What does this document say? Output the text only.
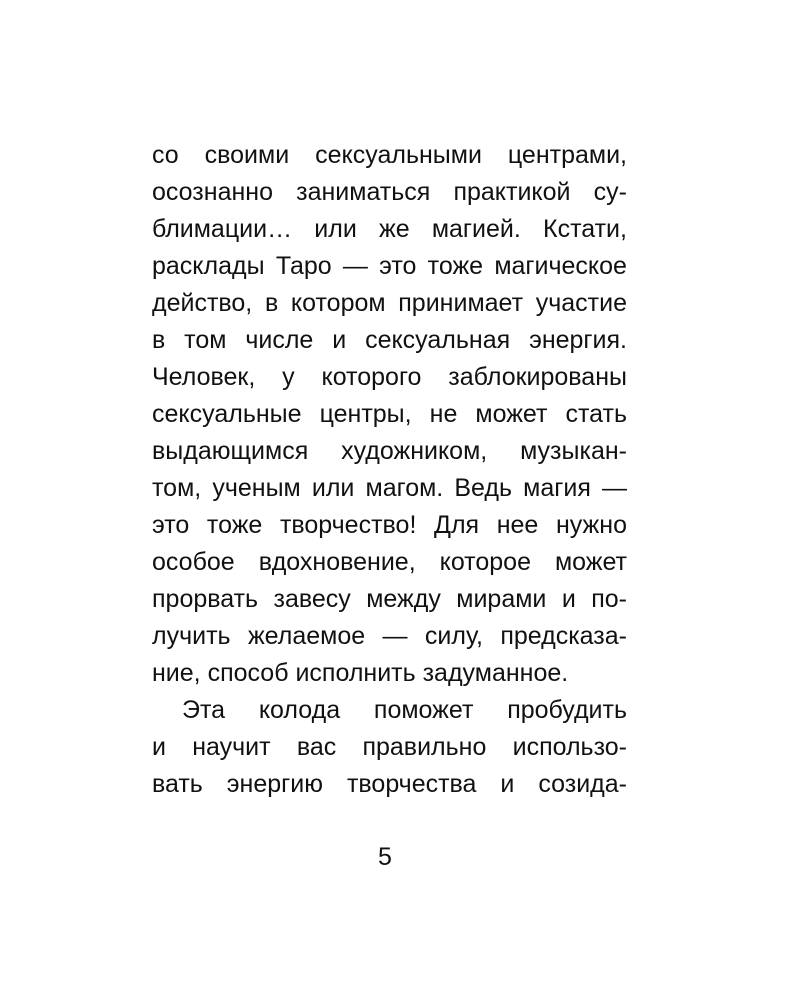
со своими сексуальными центрами,
осознанно заниматься практикой су-
блимации… или же магией. Кстати,
расклады Таро — это тоже магическое
действо, в котором принимает участие
в том числе и сексуальная энергия.
Человек, у которого заблокированы
сексуальные центры, не может стать
выдающимся художником, музыкан-
том, ученым или магом. Ведь магия —
это тоже творчество! Для нее нужно
особое вдохновение, которое может
прорвать завесу между мирами и по-
лучить желаемое — силу, предсказа-
ние, способ исполнить задуманное.
Эта колода поможет пробудить
и научит вас правильно использо-
вать энергию творчества и созида-
5
